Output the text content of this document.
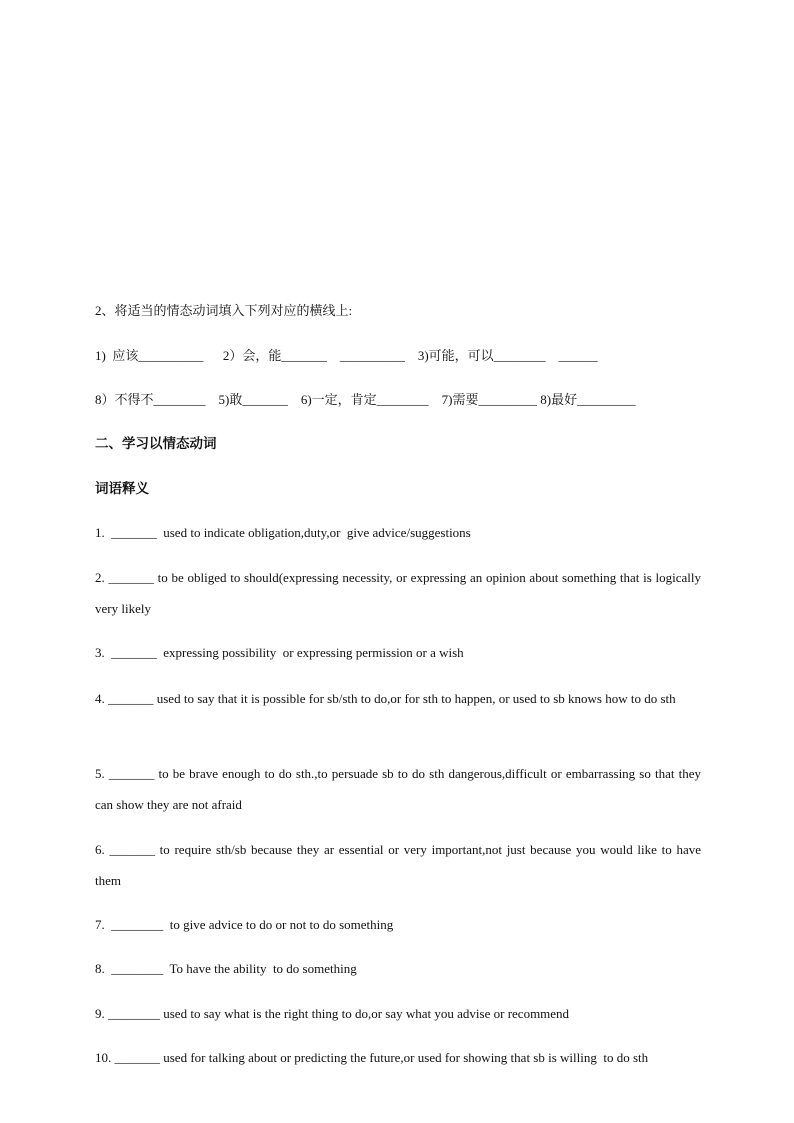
2、将适当的情态动词填入下列对应的横线上:
1)  应该__________      2）会，能_______    __________    3)可能，可以________    ______
8）不得不________    5)敢_______    6)一定，肯定________    7)需要_________ 8)最好_________
二、学习以情态动词
词语释义
1.  _______  used to indicate obligation,duty,or  give advice/suggestions
2. _______ to be obliged to should(expressing necessity, or expressing an opinion about something that is logically very likely
3.  _______  expressing possibility  or expressing permission or a wish
4. _______ used to say that it is possible for sb/sth to do,or for sth to happen, or used to sb knows how to do sth
5. _______ to be brave enough to do sth.,to persuade sb to do sth dangerous,difficult or embarrassing so that they can show they are not afraid
6. _______ to require sth/sb because they ar essential or very important,not just because you would like to have them
7.  ________  to give advice to do or not to do something
8.  ________  To have the ability  to do something
9. ________ used to say what is the right thing to do,or say what you advise or recommend
10. _______ used for talking about or predicting the future,or used for showing that sb is willing  to do sth
